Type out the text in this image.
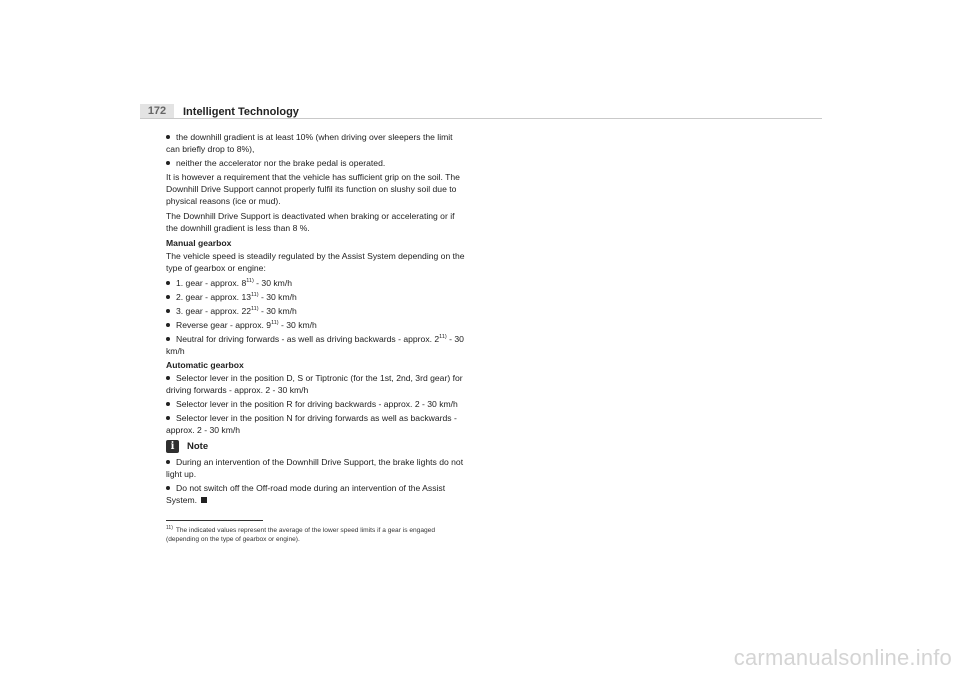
172	Intelligent Technology
the downhill gradient is at least 10% (when driving over sleepers the limit can briefly drop to 8%),
neither the accelerator nor the brake pedal is operated.

It is however a requirement that the vehicle has sufficient grip on the soil. The Downhill Drive Support cannot properly fulfil its function on slushy soil due to physical reasons (ice or mud).

The Downhill Drive Support is deactivated when braking or accelerating or if the downhill gradient is less than 8 %.

Manual gearbox

The vehicle speed is steadily regulated by the Assist System depending on the type of gearbox or engine:

1. gear - approx. 8$^{11)}$ - 30 km/h
2. gear - approx. 13$^{11)}$ - 30 km/h
3. gear - approx. 22$^{11)}$ - 30 km/h
Reverse gear - approx. 9$^{11)}$ - 30 km/h
Neutral for driving forwards - as well as driving backwards - approx. 2$^{11)}$ - 30 km/h
Automatic gearbox
Selector lever in the position D, S or Tiptronic (for the 1st, 2nd, 3rd gear) for driving forwards - approx. 2 - 30 km/h
Selector lever in the position R for driving backwards - approx. 2 - 30 km/h
Selector lever in the position N for driving forwards as well as backwards - approx. 2 - 30 km/h
i	Note
During an intervention of the Downhill Drive Support, the brake lights do not light up.
Do not switch off the Off-road mode during an intervention of the Assist System.
$^{11)}$ The indicated values represent the average of the lower speed limits if a gear is engaged (depending on the type of gearbox or engine).
carmanualsonline.info
